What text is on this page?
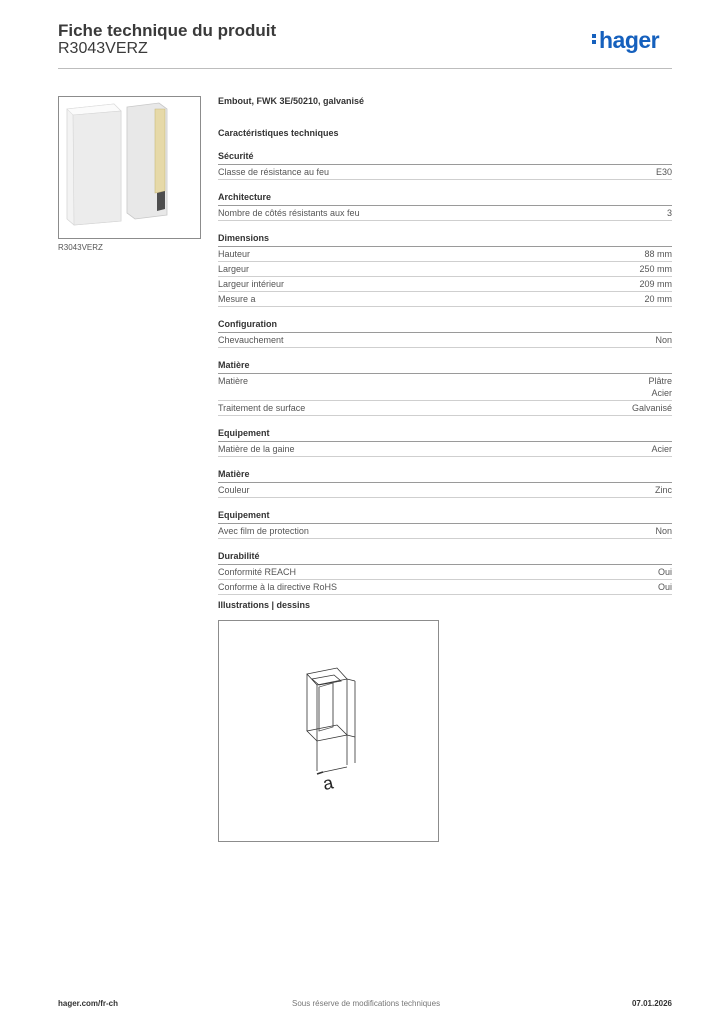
Fiche technique du produit
R3043VERZ	hager
R3043VERZ
Embout, FWK 3E/50210, galvanisé
Caractéristiques techniques
Sécurité
Classe de résistance au feu	E30
Architecture
Nombre de côtés résistants aux feu	3
Dimensions
Hauteur	88 mm
Largeur	250 mm
Largeur intérieur	209 mm
Mesure a	20 mm
Configuration
Chevauchement	Non
Matière
Matière	Plâtre
Acier
Traitement de surface	Galvanisé
Equipement
Matière de la gaine	Acier
Matière
Couleur	Zinc
Equipement
Avec film de protection	Non
Durabilité
Conformité REACH	Oui
Conforme à la directive RoHS	Oui
Illustrations | dessins
a
hager.com/fr-ch	Sous réserve de modifications techniques	07.01.2026
